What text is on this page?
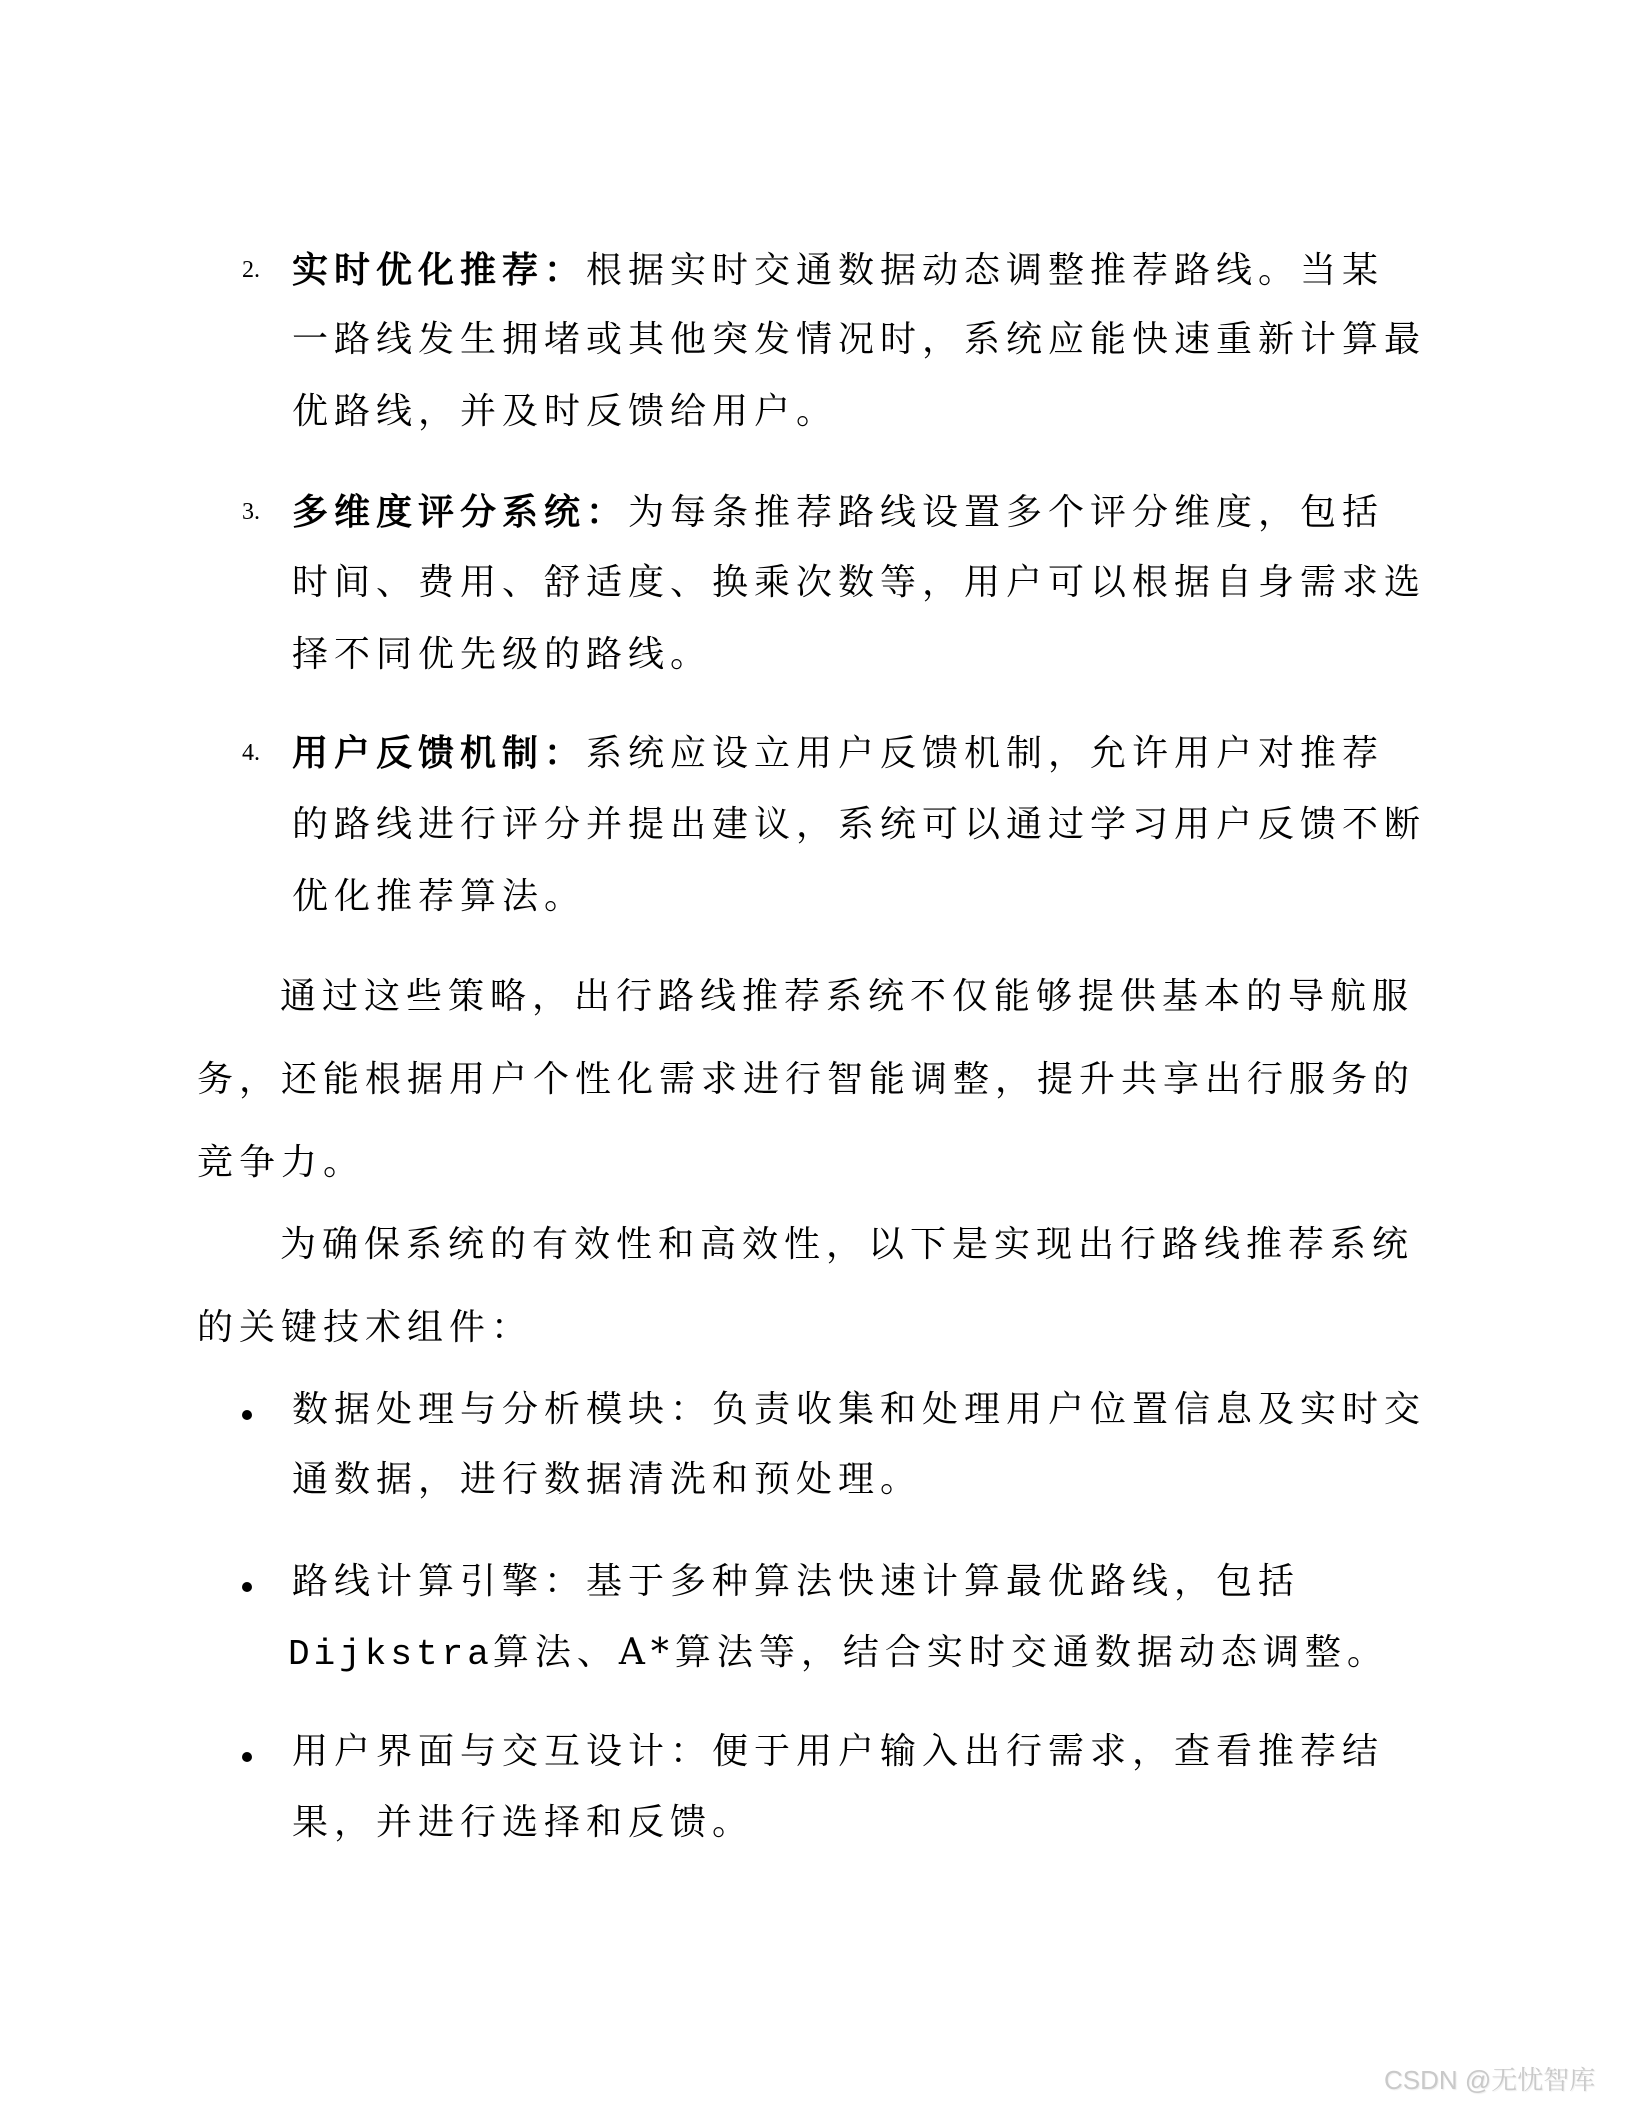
2. 实时优化推荐：根据实时交通数据动态调整推荐路线。当某
一路线发生拥堵或其他突发情况时，系统应能快速重新计算最
优路线，并及时反馈给用户。
3. 多维度评分系统：为每条推荐路线设置多个评分维度，包括
时间、费用、舒适度、换乘次数等，用户可以根据自身需求选
择不同优先级的路线。
4. 用户反馈机制：系统应设立用户反馈机制，允许用户对推荐
的路线进行评分并提出建议，系统可以通过学习用户反馈不断
优化推荐算法。
通过这些策略，出行路线推荐系统不仅能够提供基本的导航服
务，还能根据用户个性化需求进行智能调整，提升共享出行服务的
竞争力。
为确保系统的有效性和高效性，以下是实现出行路线推荐系统
的关键技术组件：
数据处理与分析模块：负责收集和处理用户位置信息及实时交
通数据，进行数据清洗和预处理。
路线计算引擎：基于多种算法快速计算最优路线，包括
Dijkstra算法、A*算法等，结合实时交通数据动态调整。
用户界面与交互设计：便于用户输入出行需求，查看推荐结
果，并进行选择和反馈。
CSDN @无忧智库
